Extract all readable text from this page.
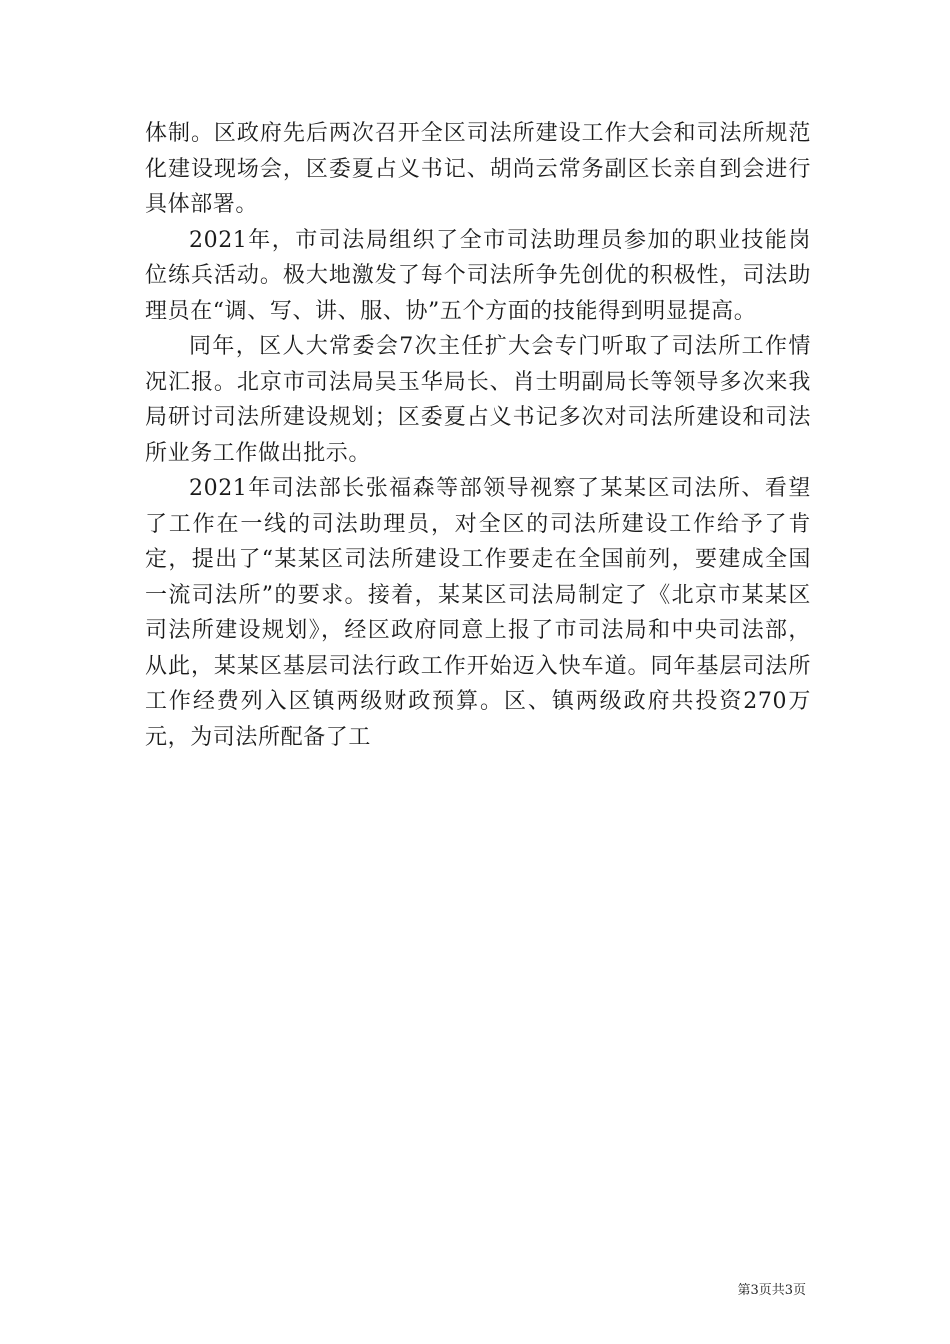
体制。区政府先后两次召开全区司法所建设工作大会和司法所规范化建设现场会，区委夏占义书记、胡尚云常务副区长亲自到会进行具体部署。

2021年，市司法局组织了全市司法助理员参加的职业技能岗位练兵活动。极大地激发了每个司法所争先创优的积极性，司法助理员在“调、写、讲、服、协”五个方面的技能得到明显提高。

同年，区人大常委会7次主任扩大会专门听取了司法所工作情况汇报。北京市司法局吴玉华局长、肖士明副局长等领导多次来我局研讨司法所建设规划；区委夏占义书记多次对司法所建设和司法所业务工作做出批示。

2021年司法部长张福森等部领导视察了某某区司法所、看望了工作在一线的司法助理员，对全区的司法所建设工作给予了肯定，提出了“某某区司法所建设工作要走在全国前列，要建成全国一流司法所”的要求。接着，某某区司法局制定了《北京市某某区司法所建设规划》，经区政府同意上报了市司法局和中央司法部，从此，某某区基层司法行政工作开始迈入快车道。同年基层司法所工作经费列入区镇两级财政预算。区、镇两级政府共投资270万元，为司法所配备了工

第3页共3页
